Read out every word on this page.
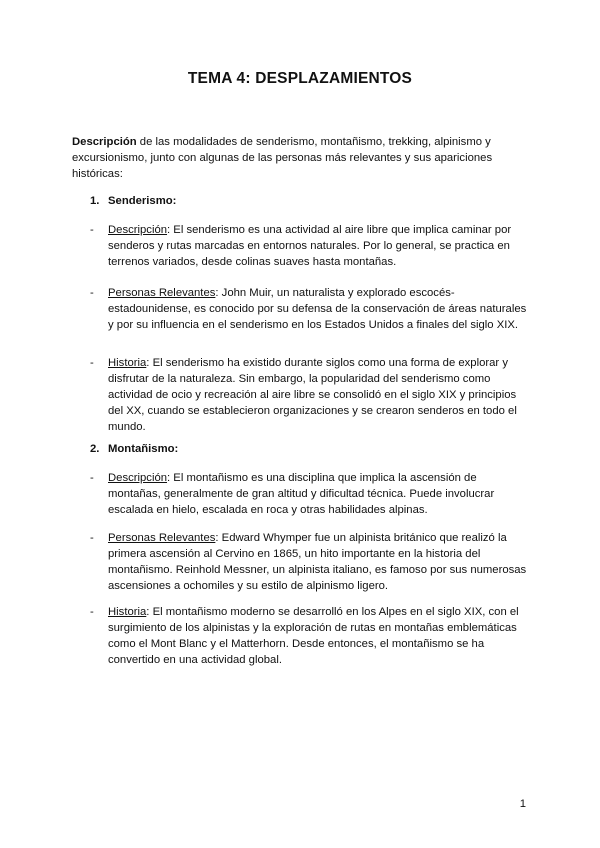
TEMA 4: DESPLAZAMIENTOS
Descripción de las modalidades de senderismo, montañismo, trekking, alpinismo y excursionismo, junto con algunas de las personas más relevantes y sus apariciones históricas:
1. Senderismo:
- Descripción: El senderismo es una actividad al aire libre que implica caminar por senderos y rutas marcadas en entornos naturales. Por lo general, se practica en terrenos variados, desde colinas suaves hasta montañas.
- Personas Relevantes: John Muir, un naturalista y explorado escocés-estadounidense, es conocido por su defensa de la conservación de áreas naturales y por su influencia en el senderismo en los Estados Unidos a finales del siglo XIX.
- Historia: El senderismo ha existido durante siglos como una forma de explorar y disfrutar de la naturaleza. Sin embargo, la popularidad del senderismo como actividad de ocio y recreación al aire libre se consolidó en el siglo XIX y principios del XX, cuando se establecieron organizaciones y se crearon senderos en todo el mundo.
2. Montañismo:
- Descripción: El montañismo es una disciplina que implica la ascensión de montañas, generalmente de gran altitud y dificultad técnica. Puede involucrar escalada en hielo, escalada en roca y otras habilidades alpinas.
- Personas Relevantes: Edward Whymper fue un alpinista británico que realizó la primera ascensión al Cervino en 1865, un hito importante en la historia del montañismo. Reinhold Messner, un alpinista italiano, es famoso por sus numerosas ascensiones a ochomiles y su estilo de alpinismo ligero.
- Historia: El montañismo moderno se desarrolló en los Alpes en el siglo XIX, con el surgimiento de los alpinistas y la exploración de rutas en montañas emblemáticas como el Mont Blanc y el Matterhorn. Desde entonces, el montañismo se ha convertido en una actividad global.
1
